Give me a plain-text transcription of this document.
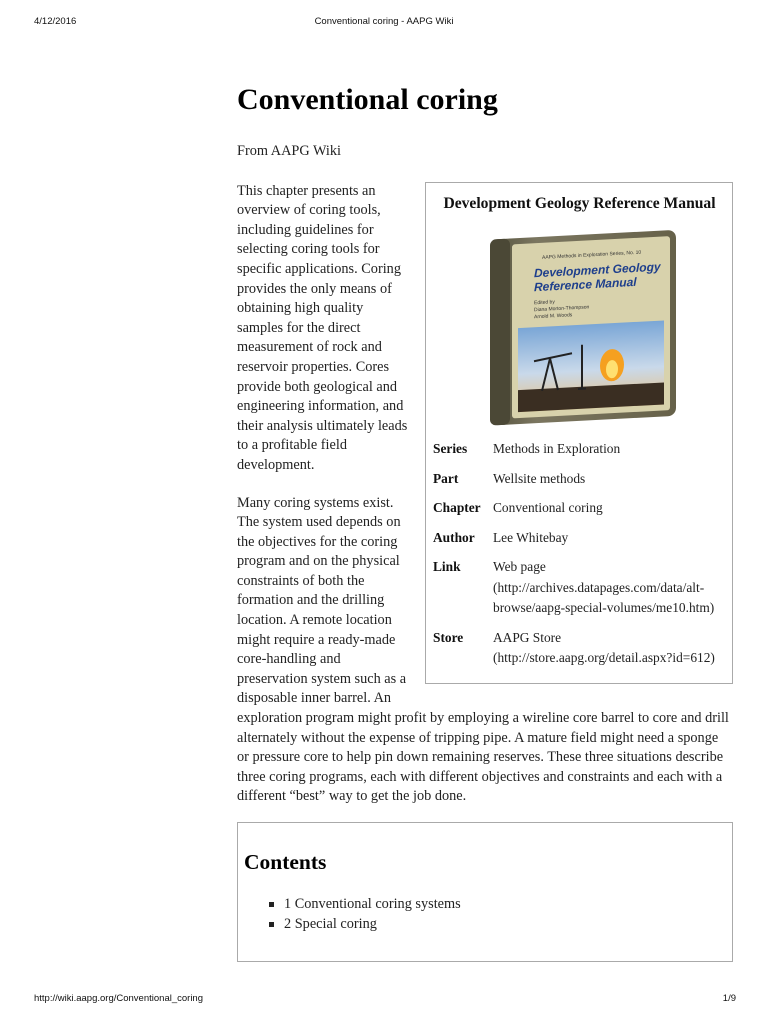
4/12/2016	Conventional coring - AAPG Wiki
Conventional coring
From AAPG Wiki
Development Geology Reference Manual
AAPG Methods in Exploration Series, No. 10
Development Geology
Reference Manual
Edited by
Diana Morton-Thompson
Arnold M. Woods
Series	Methods in Exploration
Part	Wellsite methods
Chapter	Conventional coring
Author	Lee Whitebay
Link	Web page (http://archives.datapages.com/data/alt-browse/aapg-special-volumes/me10.htm)
Store	AAPG Store (http://store.aapg.org/detail.aspx?id=612)

This chapter presents an overview of coring tools, including guidelines for selecting coring tools for specific applications. Coring provides the only means of obtaining high quality samples for the direct measurement of rock and reservoir properties. Cores provide both geological and engineering information, and their analysis ultimately leads to a profitable field development.

Many coring systems exist. The system used depends on the objectives for the coring program and on the physical constraints of both the formation and the drilling location. A remote location might require a ready-made core-handling and preservation system such as a disposable inner barrel. An exploration program might profit by employing a wireline core barrel to core and drill alternately without the expense of tripping pipe. A mature field might need a sponge or pressure core to help pin down remaining reserves. These three situations describe three coring programs, each with different objectives and constraints and each with a different “best” way to get the job done.

Contents
1 Conventional coring systems
2 Special coring
http://wiki.aapg.org/Conventional_coring	1/9
